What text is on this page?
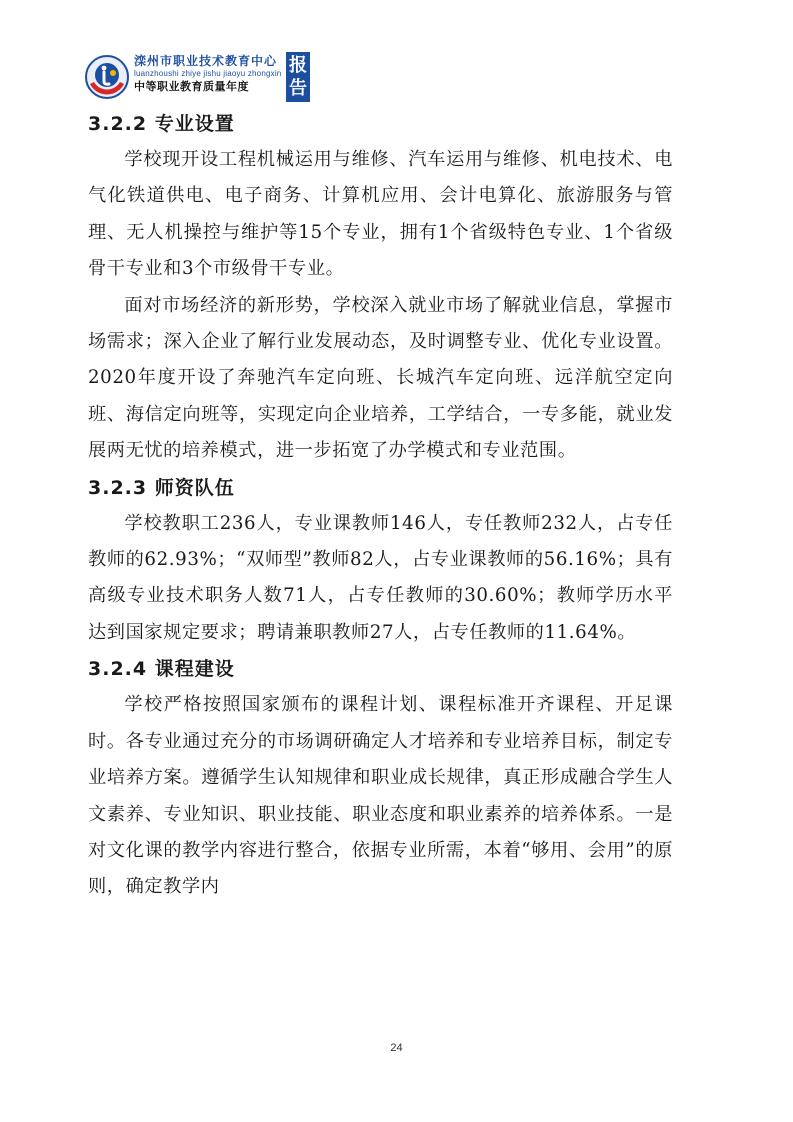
滦州市职业技术教育中心
luanzhoushi zhiye jishu jiaoyu zhongxin
中等职业教育质量年度
报
告
3.2.2 专业设置

学校现开设工程机械运用与维修、汽车运用与维修、机电技术、电气化铁道供电、电子商务、计算机应用、会计电算化、旅游服务与管理、无人机操控与维护等15个专业，拥有1个省级特色专业、1个省级骨干专业和3个市级骨干专业。

面对市场经济的新形势，学校深入就业市场了解就业信息，掌握市场需求；深入企业了解行业发展动态，及时调整专业、优化专业设置。2020年度开设了奔驰汽车定向班、长城汽车定向班、远洋航空定向班、海信定向班等，实现定向企业培养，工学结合，一专多能，就业发展两无忧的培养模式，进一步拓宽了办学模式和专业范围。

3.2.3 师资队伍

学校教职工236人，专业课教师146人，专任教师232人，占专任教师的62.93%；“双师型”教师82人，占专业课教师的56.16%；具有高级专业技术职务人数71人，占专任教师的30.60%；教师学历水平达到国家规定要求；聘请兼职教师27人，占专任教师的11.64%。

3.2.4 课程建设

学校严格按照国家颁布的课程计划、课程标准开齐课程、开足课时。各专业通过充分的市场调研确定人才培养和专业培养目标，制定专业培养方案。遵循学生认知规律和职业成长规律，真正形成融合学生人文素养、专业知识、职业技能、职业态度和职业素养的培养体系。一是对文化课的教学内容进行整合，依据专业所需，本着“够用、会用”的原则，确定教学内

24
